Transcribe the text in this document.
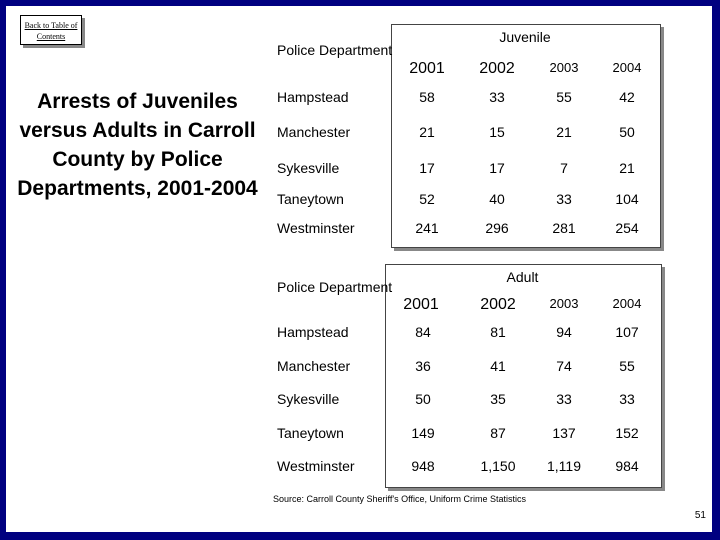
Back to Table of Contents
Arrests of Juveniles versus Adults in Carroll County by Police Departments, 2001-2004
Police Department
Juvenile
2001	2002	2003	2004
Hampstead	58	33	55	42
Manchester	21	15	21	50
Sykesville	17	17	7	21
Taneytown	52	40	33	104
Westminster	241	296	281	254
Police Department
Adult
2001	2002	2003	2004
Hampstead	84	81	94	107
Manchester	36	41	74	55
Sykesville	50	35	33	33
Taneytown	149	87	137	152
Westminster	948	1,150	1,119	984
Source: Carroll County Sheriff's Office, Uniform Crime Statistics
51
